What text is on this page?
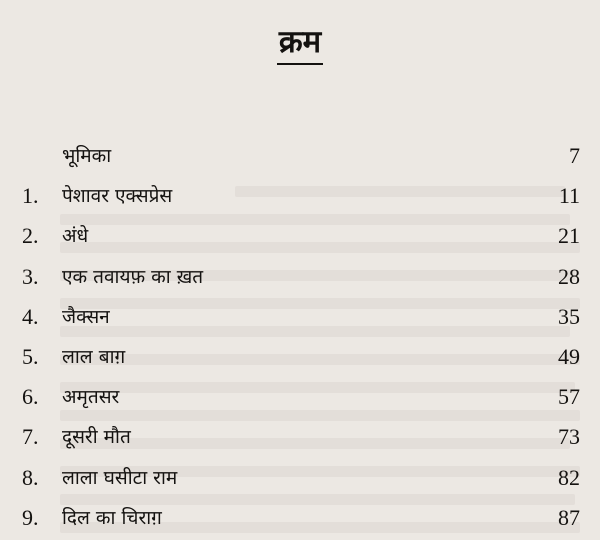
क्रम
भूमिका	7
1.	पेशावर एक्सप्रेस	11
2.	अंधे	21
3.	एक तवायफ़ का ख़त	28
4.	जैक्सन	35
5.	लाल बाग़	49
6.	अमृतसर	57
7.	दूसरी मौत	73
8.	लाला घसीटा राम	82
9.	दिल का चिराग़	87
